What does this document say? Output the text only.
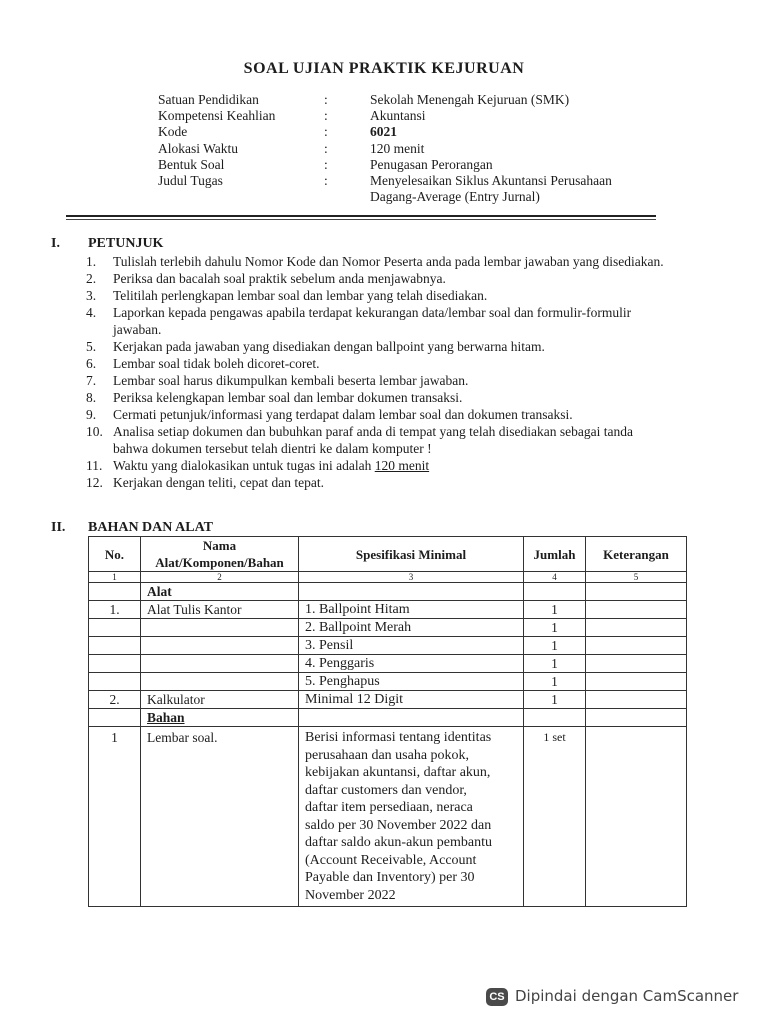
SOAL UJIAN PRAKTIK KEJURUAN
Satuan Pendidikan	:	Sekolah Menengah Kejuruan (SMK)
Kompetensi Keahlian	:	Akuntansi
Kode	:	6021
Alokasi Waktu	:	120 menit
Bentuk Soal	:	Penugasan Perorangan
Judul Tugas	:	Menyelesaikan Siklus Akuntansi Perusahaan
Dagang-Average (Entry Jurnal)
I. PETUNJUK
1.	Tulislah terlebih dahulu Nomor Kode dan Nomor Peserta anda pada lembar jawaban yang disediakan.
2.	Periksa dan bacalah soal praktik sebelum anda menjawabnya.
3.	Telitilah perlengkapan lembar soal dan lembar yang telah disediakan.
4.	Laporkan kepada pengawas apabila terdapat kekurangan data/lembar soal dan formulir-formulir jawaban.
5.	Kerjakan pada jawaban yang disediakan dengan ballpoint yang berwarna hitam.
6.	Lembar soal tidak boleh dicoret-coret.
7.	Lembar soal harus dikumpulkan kembali beserta lembar jawaban.
8.	Periksa kelengkapan lembar soal dan lembar dokumen transaksi.
9.	Cermati petunjuk/informasi yang terdapat dalam lembar soal dan dokumen transaksi.
10. Analisa setiap dokumen dan bubuhkan paraf anda di tempat yang telah disediakan sebagai tanda bahwa dokumen tersebut telah dientri ke dalam komputer !
11. Waktu yang dialokasikan untuk tugas ini adalah 120 menit
12. Kerjakan dengan teliti, cepat dan tepat.
II. BAHAN DAN ALAT
No.	Nama Alat/Komponen/Bahan	Spesifikasi Minimal	Jumlah	Keterangan
1	2	3	4	5
	Alat			
1.	Alat Tulis Kantor	1. Ballpoint Hitam	1	
		2. Ballpoint Merah	1	
		3. Pensil	1	
		4. Penggaris	1	
		5. Penghapus	1	
2.	Kalkulator	Minimal 12 Digit	1	
	Bahan			
1	Lembar soal.	Berisi informasi tentang identitas perusahaan dan usaha pokok, kebijakan akuntansi, daftar akun, daftar customers dan vendor, daftar item persediaan, neraca saldo per 30 November 2022 dan daftar saldo akun-akun pembantu (Account Receivable, Account Payable dan Inventory) per 30 November 2022	1 set	
CS Dipindai dengan CamScanner
